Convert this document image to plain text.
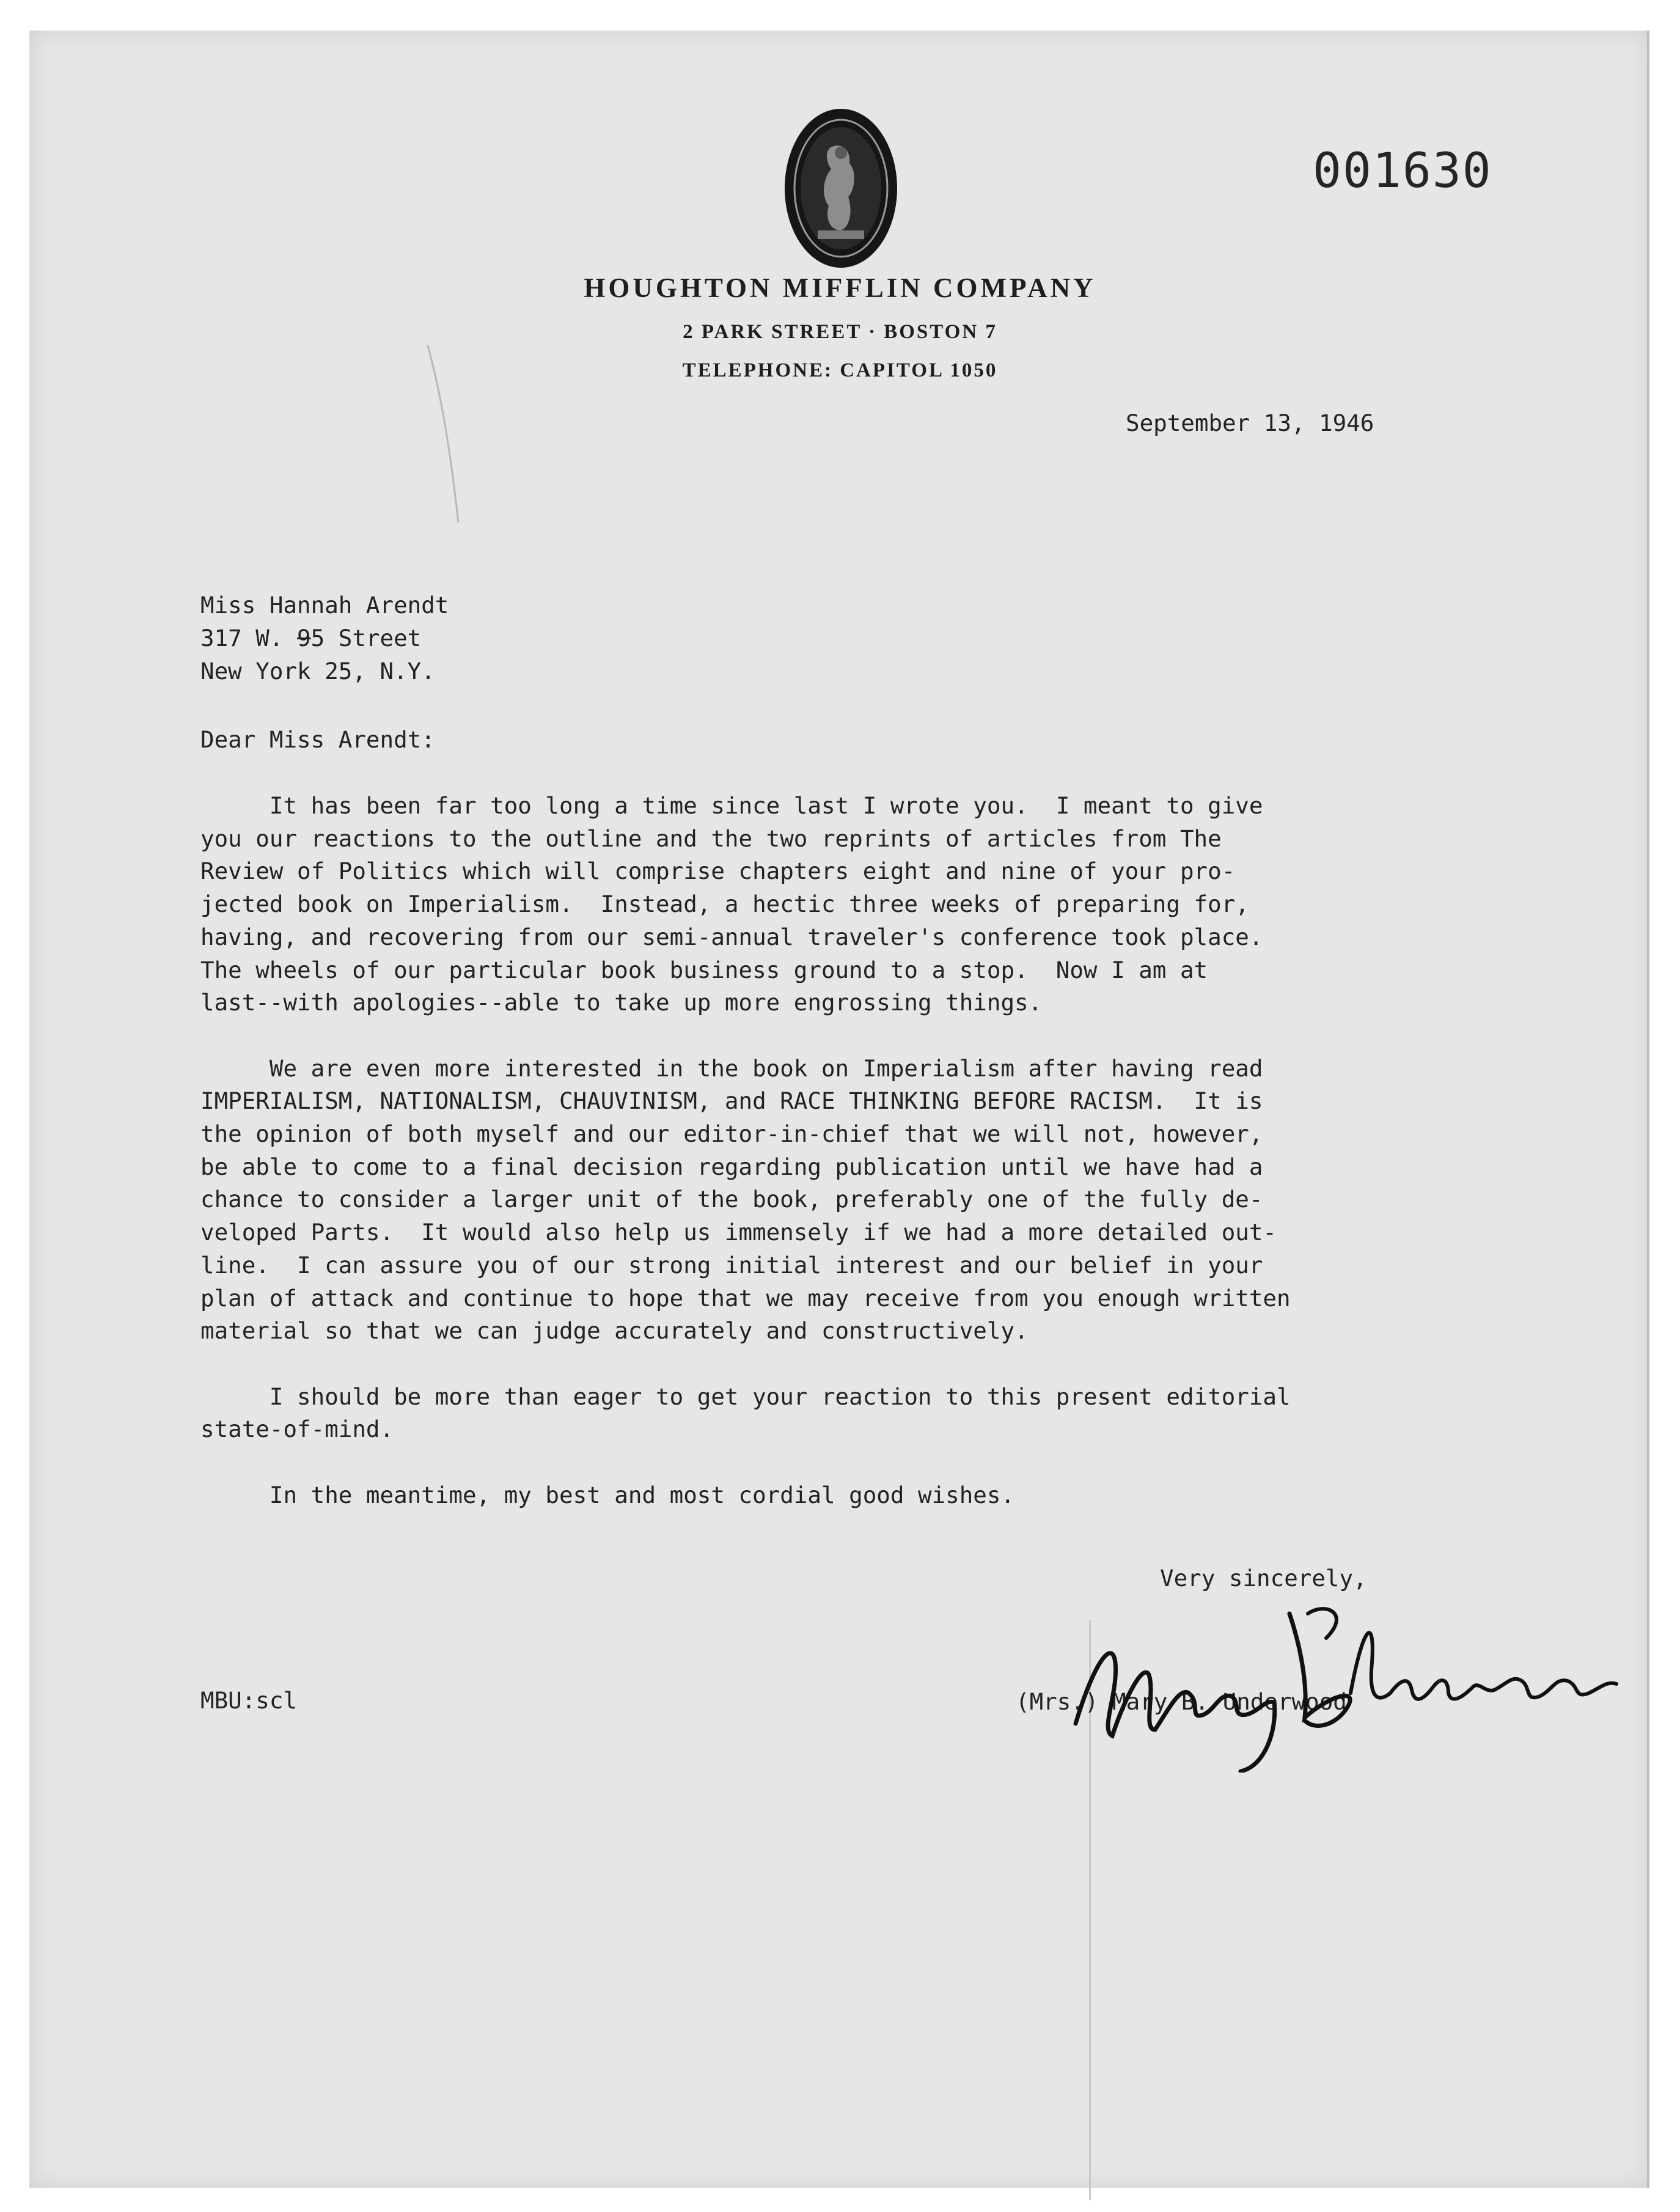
001630
HOUGHTON MIFFLIN COMPANY
2 PARK STREET · BOSTON 7
TELEPHONE: CAPITOL 1050
September 13, 1946
Miss Hannah Arendt
317 W. 95 Street
New York 25, N.Y.
Dear Miss Arendt:
It has been far too long a time since last I wrote you.  I meant to give
you our reactions to the outline and the two reprints of articles from The
Review of Politics which will comprise chapters eight and nine of your pro-
jected book on Imperialism.  Instead, a hectic three weeks of preparing for,
having, and recovering from our semi-annual traveler's conference took place.
The wheels of our particular book business ground to a stop.  Now I am at
last--with apologies--able to take up more engrossing things.
We are even more interested in the book on Imperialism after having read
IMPERIALISM, NATIONALISM, CHAUVINISM, and RACE THINKING BEFORE RACISM.  It is
the opinion of both myself and our editor-in-chief that we will not, however,
be able to come to a final decision regarding publication until we have had a
chance to consider a larger unit of the book, preferably one of the fully de-
veloped Parts.  It would also help us immensely if we had a more detailed out-
line.  I can assure you of our strong initial interest and our belief in your
plan of attack and continue to hope that we may receive from you enough written
material so that we can judge accurately and constructively.
I should be more than eager to get your reaction to this present editorial
state-of-mind.
In the meantime, my best and most cordial good wishes.
Very sincerely,
MBU:scl	(Mrs.) Mary B. Underwood
